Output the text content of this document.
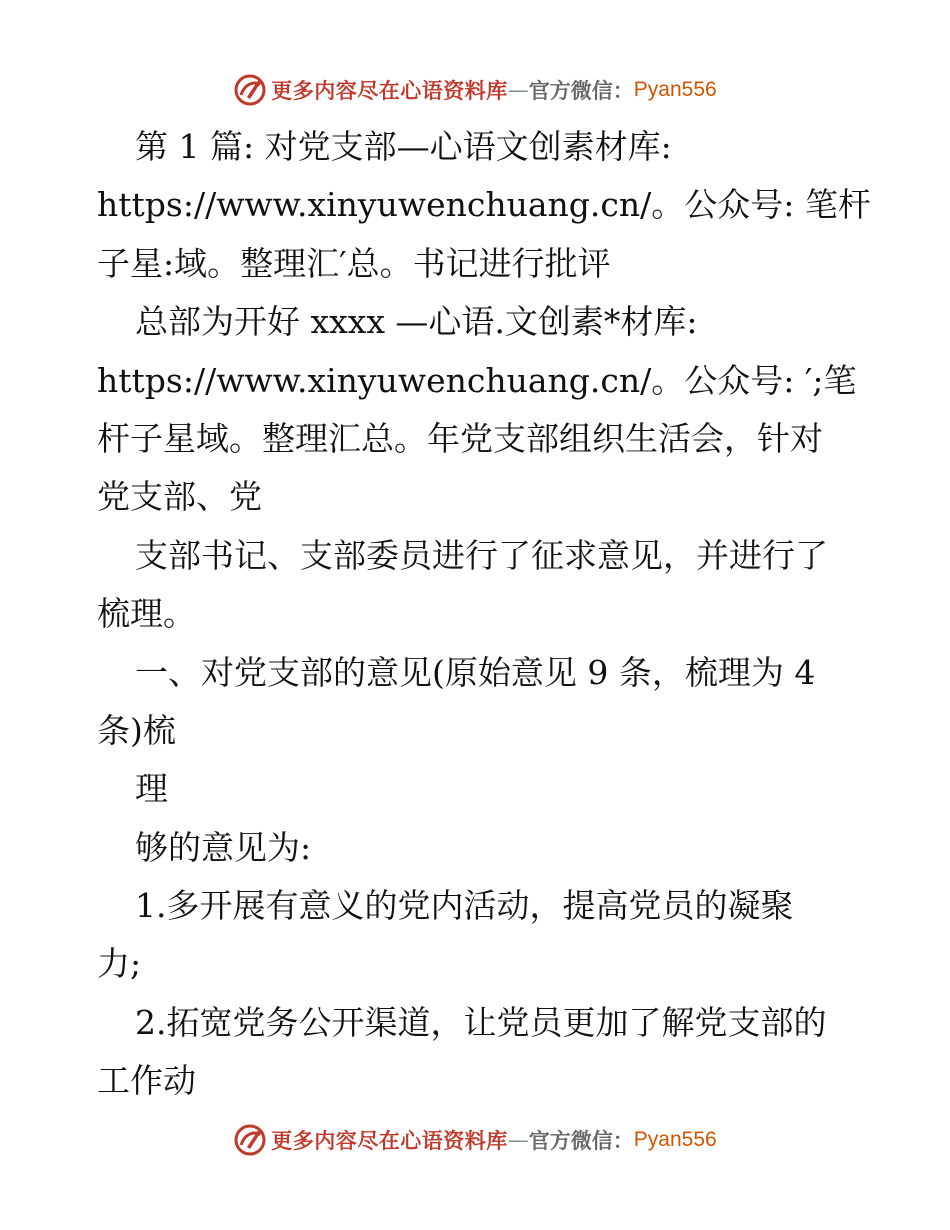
更多内容尽在心语资料库 — 官方微信： Pyan556
第 1 篇: 对党支部—心语文创素材库:
https://www.xinyuwenchuang.cn/。公众号: 笔杆
子星:域。整理汇′总。书记进行批评
总部为开好 xxxx —心语.文创素*材库:
https://www.xinyuwenchuang.cn/。公众号: ′;笔
杆子星域。整理汇总。年党支部组织生活会，针对
党支部、党
支部书记、支部委员进行了征求意见，并进行了
梳理。
一、对党支部的意见(原始意见 9 条，梳理为 4
条)梳
理
够的意见为:
1.多开展有意义的党内活动，提高党员的凝聚
力;
2.拓宽党务公开渠道，让党员更加了解党支部的
工作动
更多内容尽在心语资料库 — 官方微信： Pyan556
